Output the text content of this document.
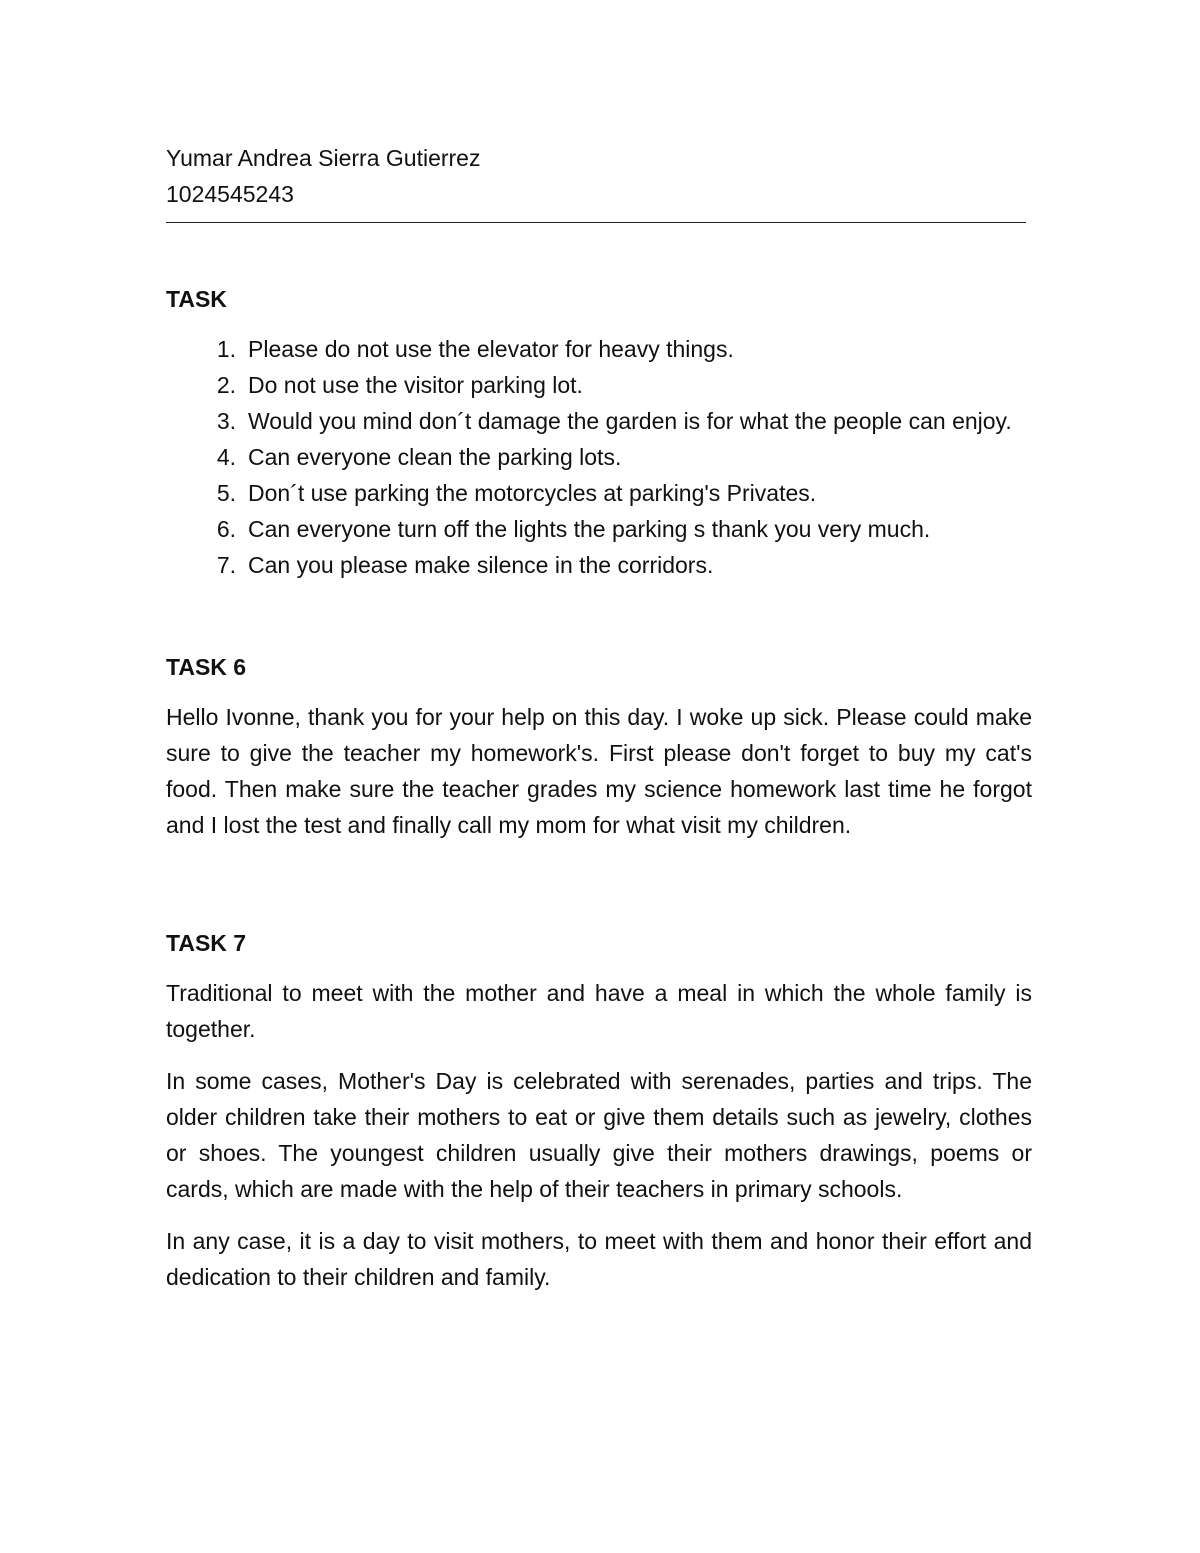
Yumar Andrea Sierra Gutierrez

1024545243

TASK

1. Please do not use the elevator for heavy things.
2. Do not use the visitor parking lot.
3. Would you mind don´t damage the garden is for what the people can enjoy.
4. Can everyone clean the parking lots.
5. Don´t use parking the motorcycles at parking's Privates.
6. Can everyone turn off the lights the parking s thank you very much.
7. Can you please make silence in the corridors.

TASK 6

Hello Ivonne, thank you for your help on this day. I woke up sick. Please could make sure to give the teacher my homework's. First please don't forget to buy my cat's food. Then make sure the teacher grades my science homework last time he forgot and I lost the test and finally call my mom for what visit my children.

TASK 7

Traditional to meet with the mother and have a meal in which the whole family is together.

In some cases, Mother's Day is celebrated with serenades, parties and trips. The older children take their mothers to eat or give them details such as jewelry, clothes or shoes. The youngest children usually give their mothers drawings, poems or cards, which are made with the help of their teachers in primary schools.

In any case, it is a day to visit mothers, to meet with them and honor their effort and dedication to their children and family.
